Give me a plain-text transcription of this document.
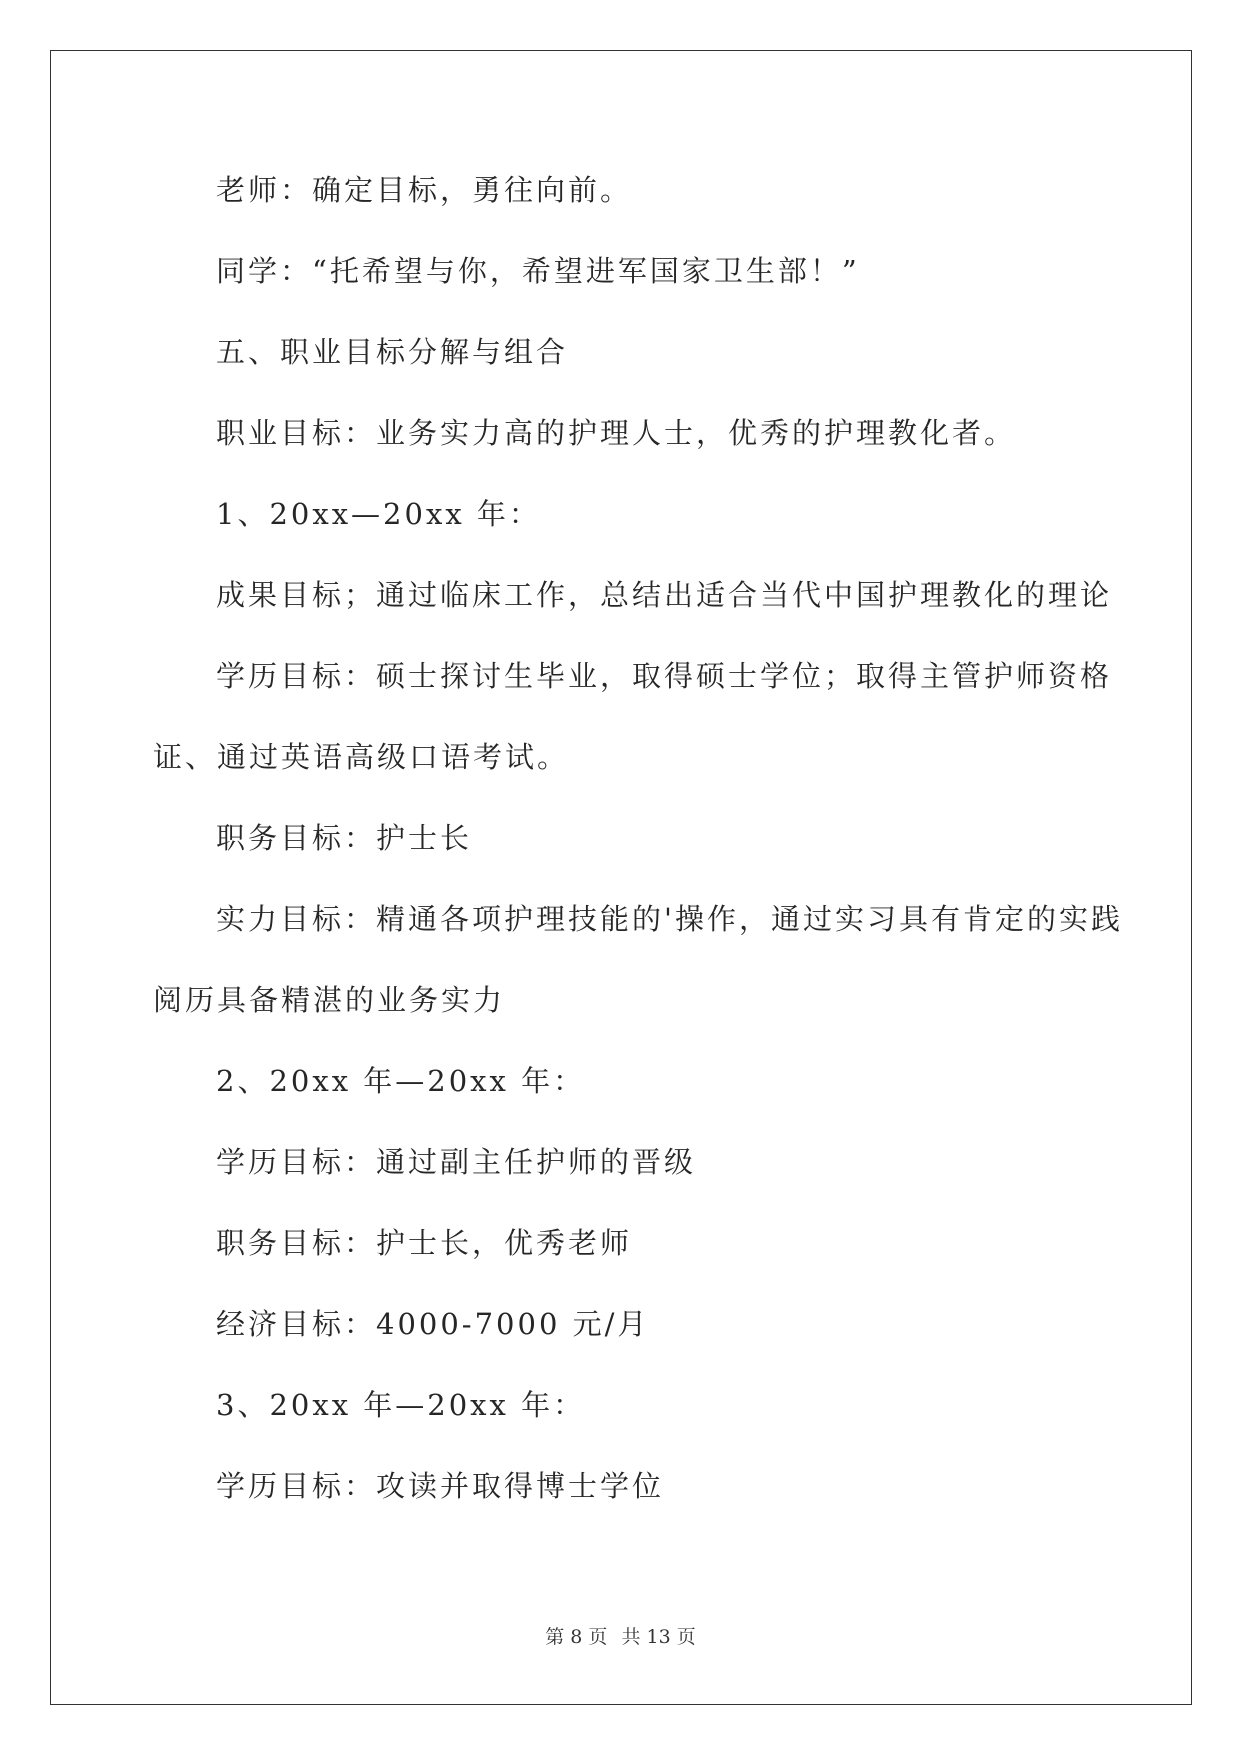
老师：确定目标，勇往向前。
同学：“托希望与你，希望进军国家卫生部！”
五、职业目标分解与组合
职业目标：业务实力高的护理人士，优秀的护理教化者。
1、20xx—20xx 年：
成果目标；通过临床工作，总结出适合当代中国护理教化的理论
学历目标：硕士探讨生毕业，取得硕士学位；取得主管护师资格
证、通过英语高级口语考试。
职务目标：护士长
实力目标：精通各项护理技能的'操作，通过实习具有肯定的实践
阅历具备精湛的业务实力
2、20xx 年—20xx 年：
学历目标：通过副主任护师的晋级
职务目标：护士长，优秀老师
经济目标：4000-7000 元/月
3、20xx 年—20xx 年：
学历目标：攻读并取得博士学位
第 8 页 共 13 页
